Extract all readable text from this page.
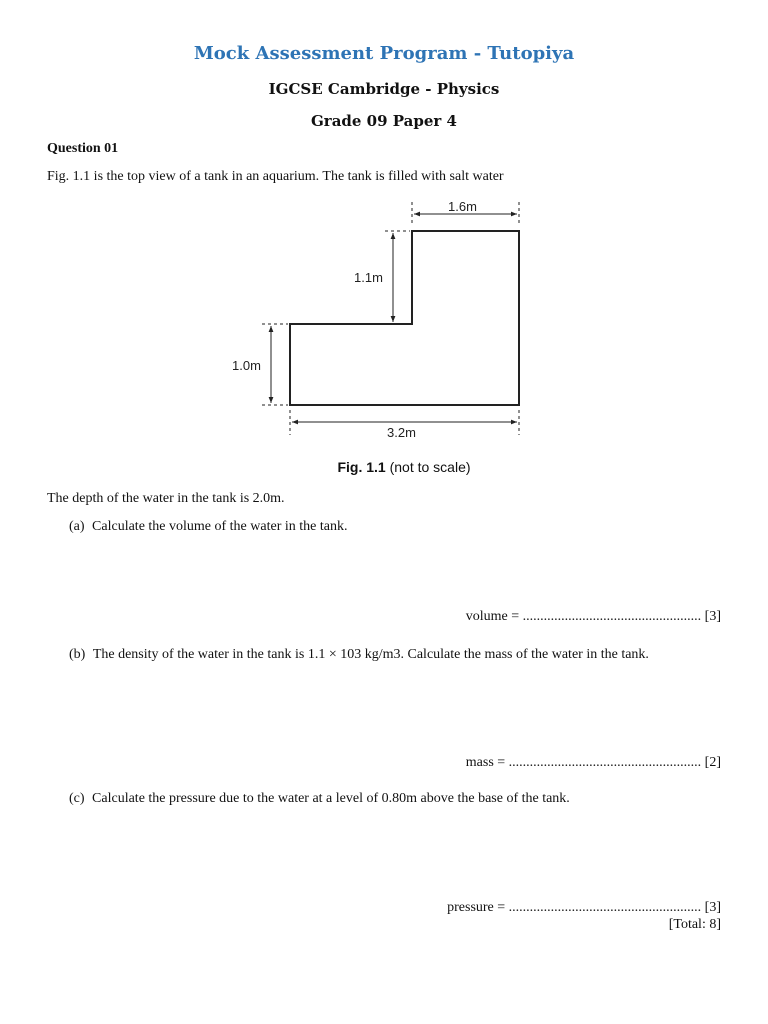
Mock Assessment Program - Tutopiya
IGCSE Cambridge - Physics
Grade 09 Paper 4
Question 01
Fig. 1.1 is the top view of a tank in an aquarium. The tank is filled with salt water
1.6m
1.1m
1.0m
3.2m
Fig. 1.1 (not to scale)
The depth of the water in the tank is 2.0m.
(a) Calculate the volume of the water in the tank.
volume = ................................................... [3]
(b) The density of the water in the tank is 1.1 × 103 kg/m3. Calculate the mass of the water in the tank.
mass = ....................................................... [2]
(c) Calculate the pressure due to the water at a level of 0.80m above the base of the tank.
pressure = ....................................................... [3]
[Total: 8]
